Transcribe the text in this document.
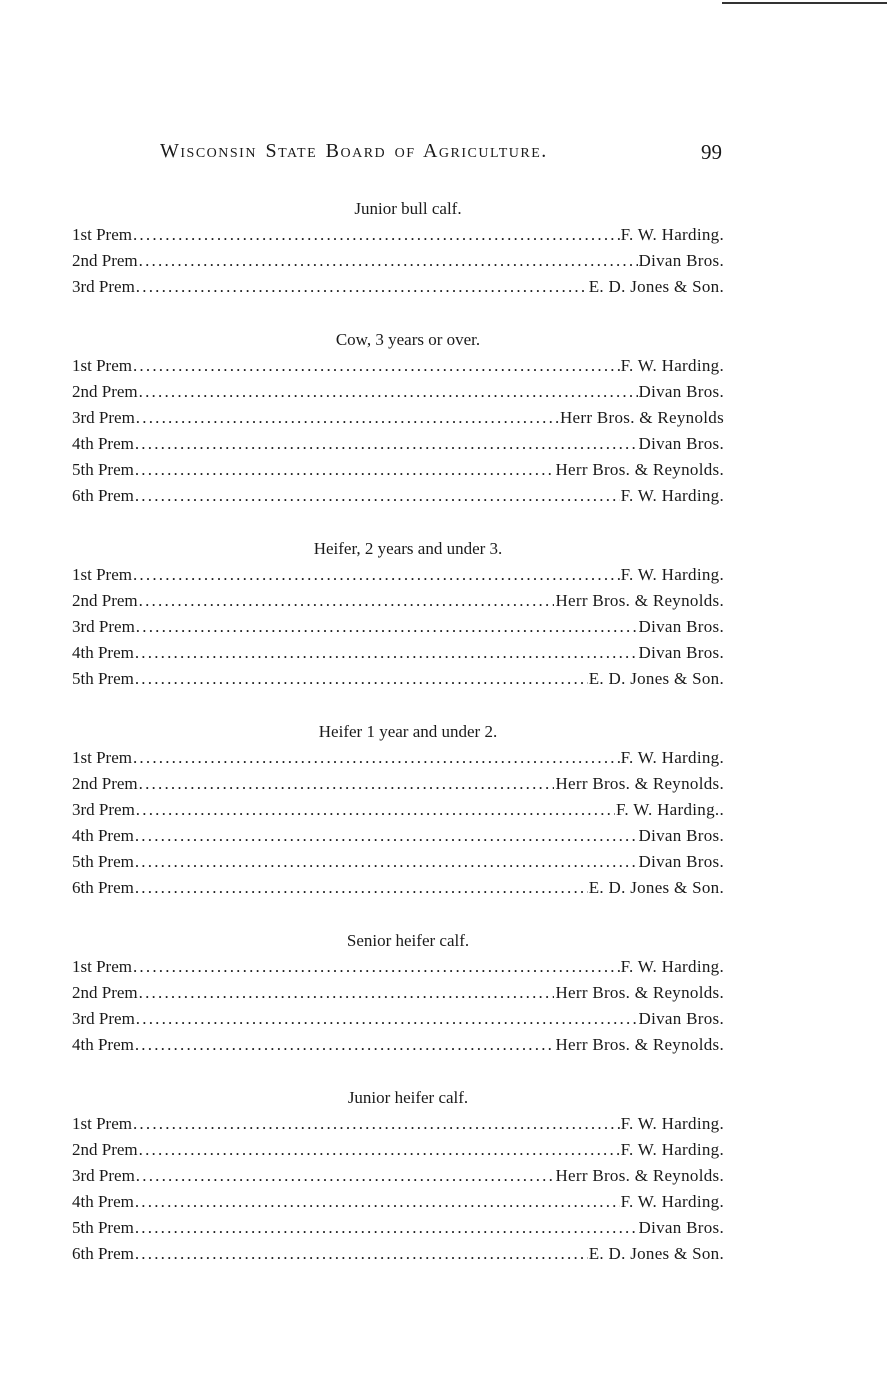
Wisconsin State Board of Agriculture.	99
Junior bull calf.
1st Prem .....	F. W. Harding.
2nd Prem .....	Divan Bros.
3rd Prem .....	E. D. Jones & Son.
Cow, 3 years or over.
1st Prem .....	F. W. Harding.
2nd Prem .....	Divan Bros.
3rd Prem .....	Herr Bros. & Reynolds
4th Prem .....	Divan Bros.
5th Prem .....	Herr Bros. & Reynolds.
6th Prem .....	F. W. Harding.
Heifer, 2 years and under 3.
1st Prem .....	F. W. Harding.
2nd Prem .....	Herr Bros. & Reynolds.
3rd Prem .....	Divan Bros.
4th Prem .....	Divan Bros.
5th Prem .....	E. D. Jones & Son.
Heifer 1 year and under 2.
1st Prem .....	F. W. Harding.
2nd Prem .....	Herr Bros. & Reynolds.
3rd Prem .....	F. W. Harding..
4th Prem .....	Divan Bros.
5th Prem .....	Divan Bros.
6th Prem .....	E. D. Jones & Son.
Senior heifer calf.
1st Prem .....	F. W. Harding.
2nd Prem .....	Herr Bros. & Reynolds.
3rd Prem .....	Divan Bros.
4th Prem .....	Herr Bros. & Reynolds.
Junior heifer calf.
1st Prem .....	F. W. Harding.
2nd Prem .....	F. W. Harding.
3rd Prem .....	Herr Bros. & Reynolds.
4th Prem .....	F. W. Harding.
5th Prem .....	Divan Bros.
6th Prem .....	E. D. Jones & Son.
